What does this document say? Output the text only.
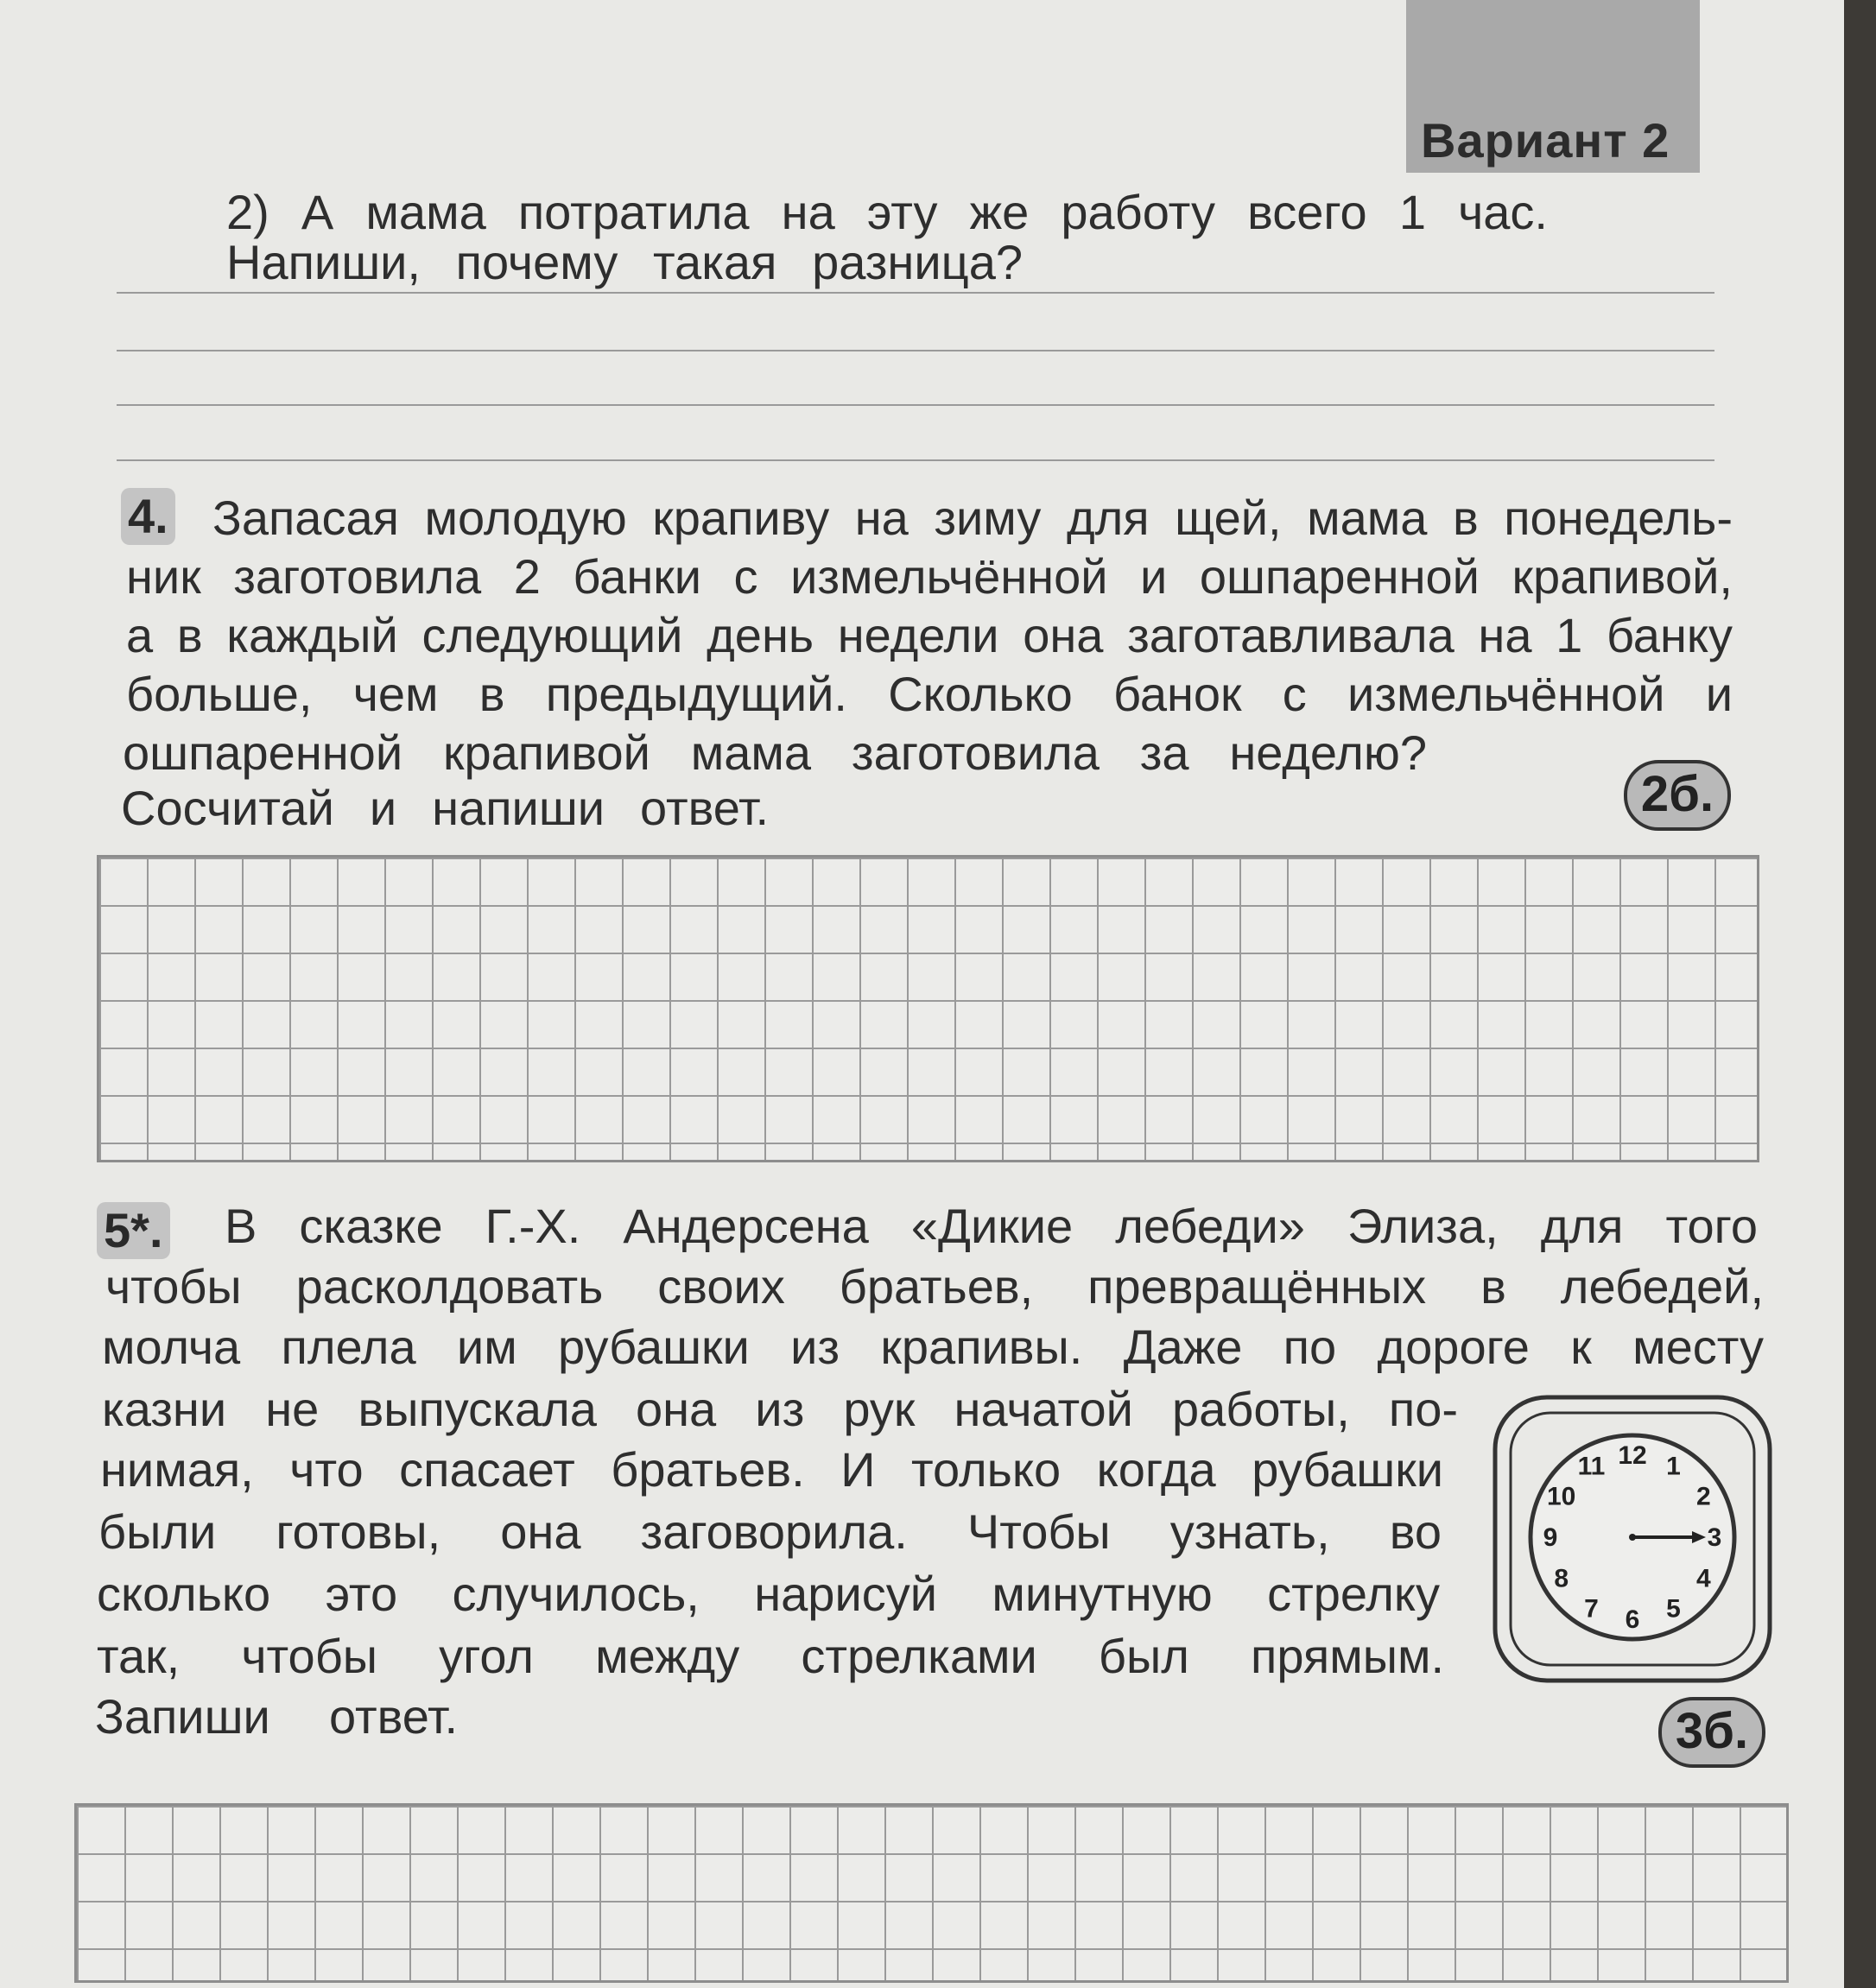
Вариант 2
2) А мама потратила на эту же работу всего 1 час.
Напиши, почему такая разница?
4. Запасая молодую крапиву на зиму для щей, мама в понедель-
ник заготовила 2 банки с измельчённой и ошпаренной крапивой,
а в каждый следующий день недели она заготавливала на 1 банку
больше, чем в предыдущий. Сколько банок с измельчённой и
ошпаренной крапивой мама заготовила за неделю?
Сосчитай и напиши ответ.	2б.
5*. В сказке Г.-Х. Андерсена «Дикие лебеди» Элиза, для того
чтобы расколдовать своих братьев, превращённых в лебедей,
молча плела им рубашки из крапивы. Даже по дороге к месту
казни не выпускала она из рук начатой работы, по-
нимая, что спасает братьев. И только когда рубашки
были готовы, она заговорила. Чтобы узнать, во
сколько это случилось, нарисуй минутную стрелку
так, чтобы угол между стрелками был прямым.
Запиши ответ.	3б.
12 1
2
3
4
5
6
7
8
9
10
11
